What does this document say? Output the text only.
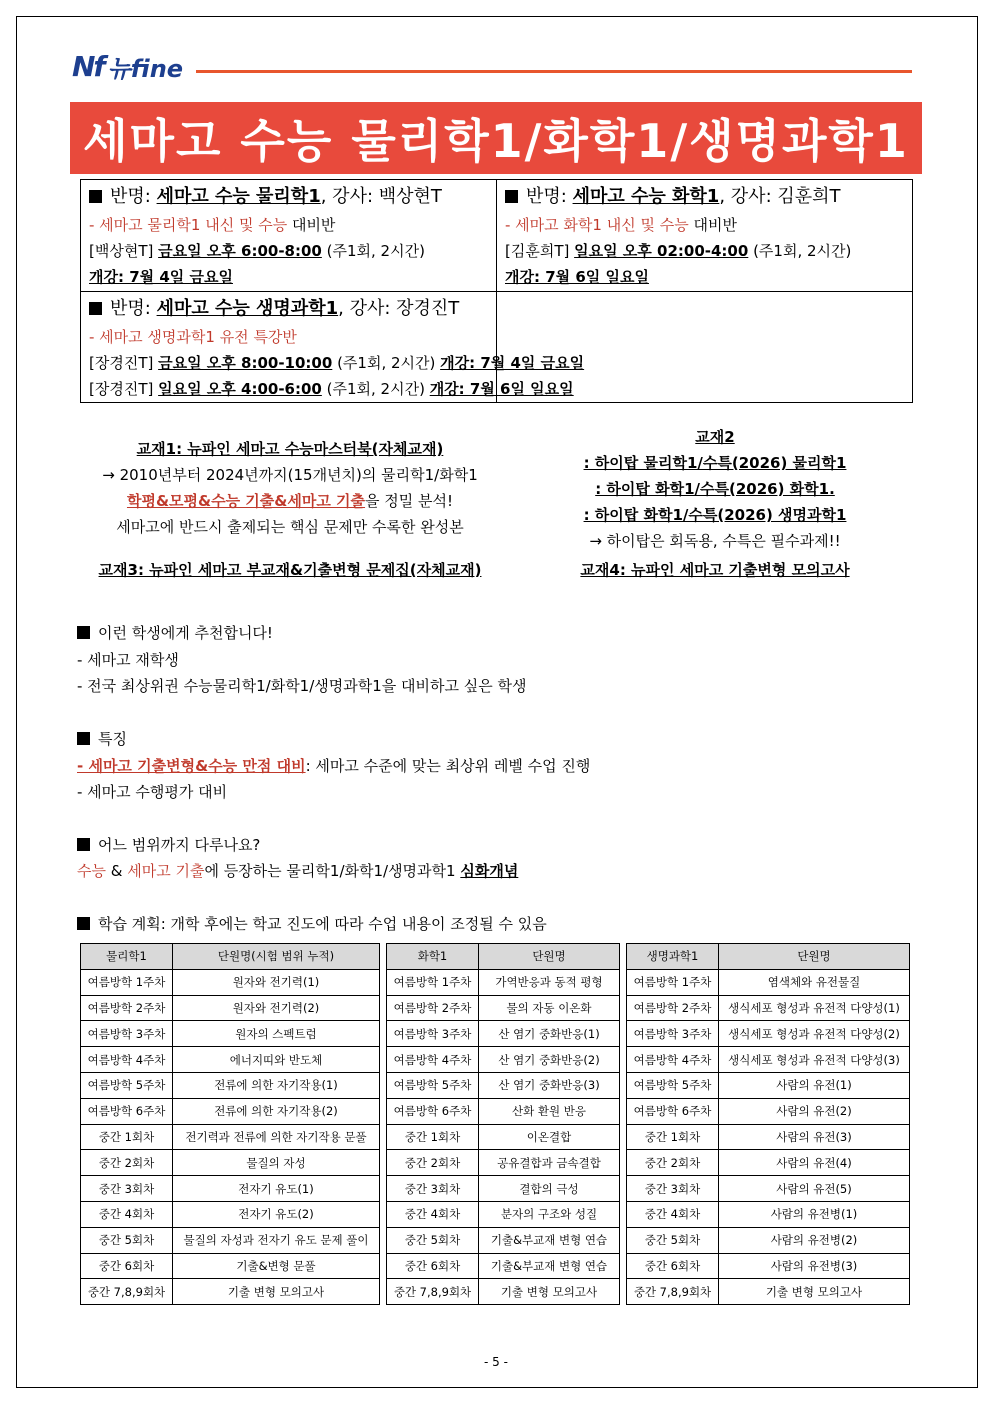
Nf 뉴fine
세마고 수능 물리학1/화학1/생명과학1
반명: 세마고 수능 물리학1, 강사: 백상현T
- 세마고 물리학1 내신 및 수능 대비반
[백상현T] 금요일 오후 6:00-8:00 (주1회, 2시간)
개강: 7월 4일 금요일
반명: 세마고 수능 화학1, 강사: 김훈희T
- 세마고 화학1 내신 및 수능 대비반
[김훈희T] 일요일 오후 02:00-4:00 (주1회, 2시간)
개강: 7월 6일 일요일
반명: 세마고 수능 생명과학1, 강사: 장경진T
- 세마고 생명과학1 유전 특강반
[장경진T] 금요일 오후 8:00-10:00 (주1회, 2시간) 개강: 7월 4일 금요일
[장경진T] 일요일 오후 4:00-6:00 (주1회, 2시간) 개강: 7월 6일 일요일
교재1: 뉴파인 세마고 수능마스터북(자체교재)
→ 2010년부터 2024년까지(15개년치)의 물리학1/화학1
학평&모평&수능 기출&세마고 기출을 정밀 분석!
세마고에 반드시 출제되는 핵심 문제만 수록한 완성본
교재3: 뉴파인 세마고 부교재&기출변형 문제집(자체교재)
교재2
: 하이탑 물리학1/수특(2026) 물리학1
: 하이탑 화학1/수특(2026) 화학1.
: 하이탑 화학1/수특(2026) 생명과학1
→ 하이탑은 회독용, 수특은 필수과제!!
교재4: 뉴파인 세마고 기출변형 모의고사
이런 학생에게 추천합니다!
- 세마고 재학생
- 전국 최상위권 수능물리학1/화학1/생명과학1을 대비하고 싶은 학생
특징
- 세마고 기출변형&수능 만점 대비: 세마고 수준에 맞는 최상위 레벨 수업 진행
- 세마고 수행평가 대비
어느 범위까지 다루나요?
수능 & 세마고 기출에 등장하는 물리학1/화학1/생명과학1 심화개념
학습 계획: 개학 후에는 학교 진도에 따라 수업 내용이 조정될 수 있음
물리학1	단원명(시험 범위 누적)
여름방학 1주차	원자와 전기력(1)
여름방학 2주차	원자와 전기력(2)
여름방학 3주차	원자의 스펙트럼
여름방학 4주차	에너지띠와 반도체
여름방학 5주차	전류에 의한 자기작용(1)
여름방학 6주차	전류에 의한 자기작용(2)
중간 1회차	전기력과 전류에 의한 자기작용 문풀
중간 2회차	물질의 자성
중간 3회차	전자기 유도(1)
중간 4회차	전자기 유도(2)
중간 5회차	물질의 자성과 전자기 유도 문제 풀이
중간 6회차	기출&변형 문풀
중간 7,8,9회차	기출 변형 모의고사
화학1	단원명
여름방학 1주차	가역반응과 동적 평형
여름방학 2주차	물의 자동 이온화
여름방학 3주차	산 염기 중화반응(1)
여름방학 4주차	산 염기 중화반응(2)
여름방학 5주차	산 염기 중화반응(3)
여름방학 6주차	산화 환원 반응
중간 1회차	이온결합
중간 2회차	공유결합과 금속결합
중간 3회차	결합의 극성
중간 4회차	분자의 구조와 성질
중간 5회차	기출&부교재 변형 연습
중간 6회차	기출&부교재 변형 연습
중간 7,8,9회차	기출 변형 모의고사
생명과학1	단원명
여름방학 1주차	염색체와 유전물질
여름방학 2주차	생식세포 형성과 유전적 다양성(1)
여름방학 3주차	생식세포 형성과 유전적 다양성(2)
여름방학 4주차	생식세포 형성과 유전적 다양성(3)
여름방학 5주차	사람의 유전(1)
여름방학 6주차	사람의 유전(2)
중간 1회차	사람의 유전(3)
중간 2회차	사람의 유전(4)
중간 3회차	사람의 유전(5)
중간 4회차	사람의 유전병(1)
중간 5회차	사람의 유전병(2)
중간 6회차	사람의 유전병(3)
중간 7,8,9회차	기출 변형 모의고사
- 5 -
